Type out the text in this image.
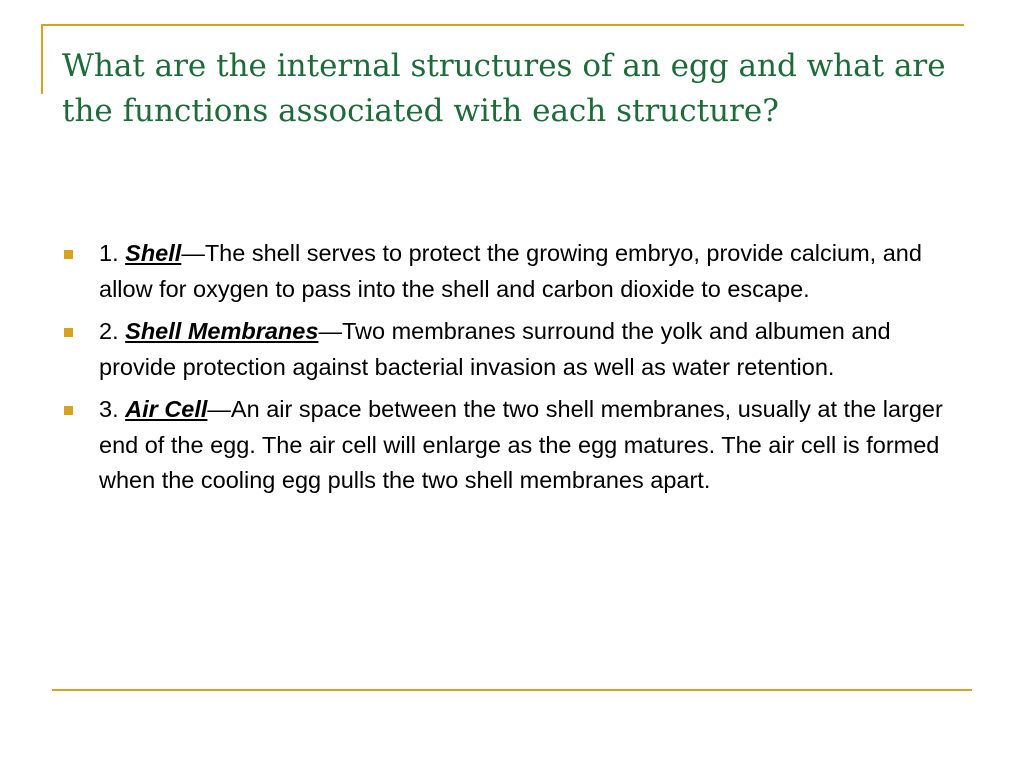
What are the internal structures of an egg and what are the functions associated with each structure?
1. Shell—The shell serves to protect the growing embryo, provide calcium, and allow for oxygen to pass into the shell and carbon dioxide to escape.
2. Shell Membranes—Two membranes surround the yolk and albumen and provide protection against bacterial invasion as well as water retention.
3. Air Cell—An air space between the two shell membranes, usually at the larger end of the egg. The air cell will enlarge as the egg matures. The air cell is formed when the cooling egg pulls the two shell membranes apart.
